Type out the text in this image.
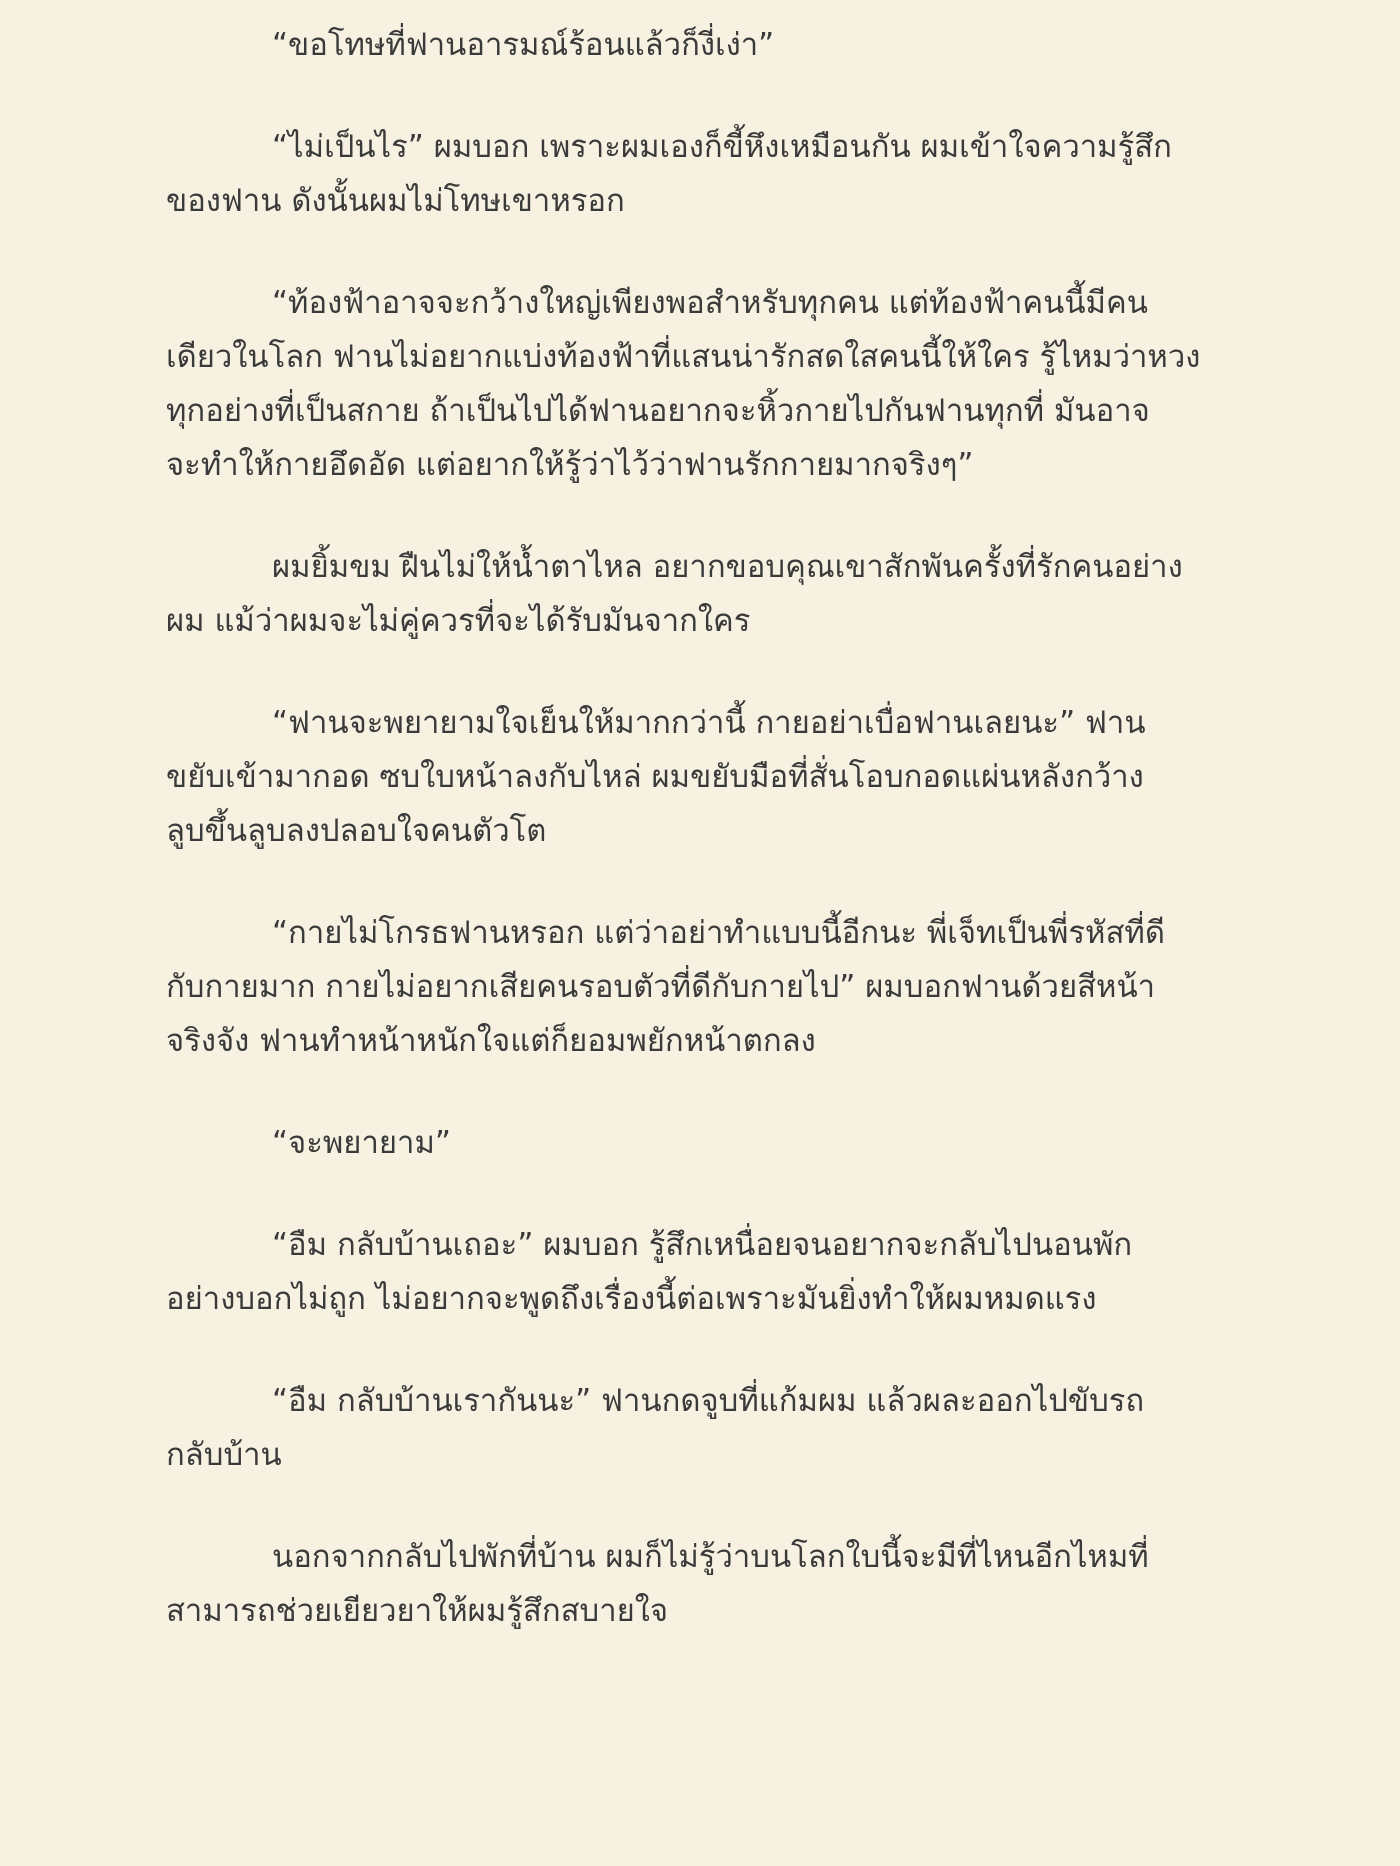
“ขอโทษที่ฟานอารมณ์ร้อนแล้วก็งี่เง่า”
“ไม่เป็นไร” ผมบอก เพราะผมเองก็ขี้หึงเหมือนกัน ผมเข้าใจความรู้สึก
ของฟาน ดังนั้นผมไม่โทษเขาหรอก
“ท้องฟ้าอาจจะกว้างใหญ่เพียงพอสำหรับทุกคน แต่ท้องฟ้าคนนี้มีคน
เดียวในโลก ฟานไม่อยากแบ่งท้องฟ้าที่แสนน่ารักสดใสคนนี้ให้ใคร รู้ไหมว่าหวง
ทุกอย่างที่เป็นสกาย ถ้าเป็นไปได้ฟานอยากจะหิ้วกายไปกันฟานทุกที่ มันอาจ
จะทำให้กายอึดอัด แต่อยากให้รู้ว่าไว้ว่าฟานรักกายมากจริงๆ”
ผมยิ้มขม ฝืนไม่ให้น้ำตาไหล อยากขอบคุณเขาสักพันครั้งที่รักคนอย่าง
ผม แม้ว่าผมจะไม่คู่ควรที่จะได้รับมันจากใคร
“ฟานจะพยายามใจเย็นให้มากกว่านี้ กายอย่าเบื่อฟานเลยนะ” ฟาน
ขยับเข้ามากอด ซบใบหน้าลงกับไหล่ ผมขยับมือที่สั่นโอบกอดแผ่นหลังกว้าง
ลูบขึ้นลูบลงปลอบใจคนตัวโต
“กายไม่โกรธฟานหรอก แต่ว่าอย่าทำแบบนี้อีกนะ พี่เจ็ทเป็นพี่รหัสที่ดี
กับกายมาก กายไม่อยากเสียคนรอบตัวที่ดีกับกายไป” ผมบอกฟานด้วยสีหน้า
จริงจัง ฟานทำหน้าหนักใจแต่ก็ยอมพยักหน้าตกลง
“จะพยายาม”
“อืม กลับบ้านเถอะ” ผมบอก รู้สึกเหนื่อยจนอยากจะกลับไปนอนพัก
อย่างบอกไม่ถูก ไม่อยากจะพูดถึงเรื่องนี้ต่อเพราะมันยิ่งทำให้ผมหมดแรง
“อืม กลับบ้านเรากันนะ” ฟานกดจูบที่แก้มผม แล้วผละออกไปขับรถ
กลับบ้าน
นอกจากกลับไปพักที่บ้าน ผมก็ไม่รู้ว่าบนโลกใบนี้จะมีที่ไหนอีกไหมที่
สามารถช่วยเยียวยาให้ผมรู้สึกสบายใจ
